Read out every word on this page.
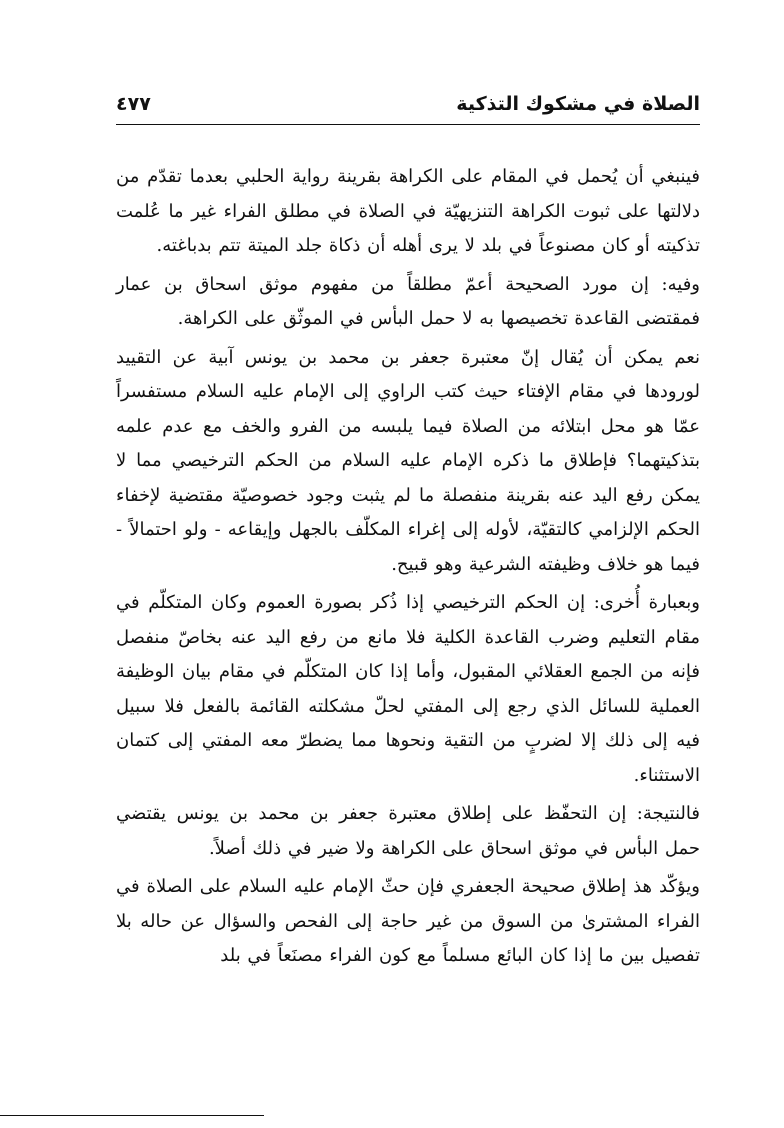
الصلاة في مشكوك التذكية
٤٧٧

فينبغي أن يُحمل في المقام على الكراهة بقرينة رواية الحلبي بعدما تقدّم من دلالتها على ثبوت الكراهة التنزيهيّة في الصلاة في مطلق الفراء غير ما عُلمت تذكيته أو كان مصنوعاً في بلد لا يرى أهله أن ذكاة جلد الميتة تتم بدباغته.

وفيه: إن مورد الصحيحة أعمّ مطلقاً من مفهوم موثق اسحاق بن عمار فمقتضى القاعدة تخصيصها به لا حمل البأس في الموثّق على الكراهة.

نعم يمكن أن يُقال إنّ معتبرة جعفر بن محمد بن يونس آبية عن التقييد لورودها في مقام الإفتاء حيث كتب الراوي إلى الإمام عليه السلام مستفسراً عمّا هو محل ابتلائه من الصلاة فيما يلبسه من الفرو والخف مع عدم علمه بتذكيتهما؟ فإطلاق ما ذكره الإمام عليه السلام من الحكم الترخيصي مما لا يمكن رفع اليد عنه بقرينة منفصلة ما لم يثبت وجود خصوصيّة مقتضية لإخفاء الحكم الإلزامي كالتقيّة، لأوله إلى إغراء المكلّف بالجهل وإيقاعه - ولو احتمالاً - فيما هو خلاف وظيفته الشرعية وهو قبيح.

وبعبارة أُخرى: إن الحكم الترخيصي إذا ذُكر بصورة العموم وكان المتكلّم في مقام التعليم وضرب القاعدة الكلية فلا مانع من رفع اليد عنه بخاصّ منفصل فإنه من الجمع العقلائي المقبول، وأما إذا كان المتكلّم في مقام بيان الوظيفة العملية للسائل الذي رجع إلى المفتي لحلّ مشكلته القائمة بالفعل فلا سبيل فيه إلى ذلك إلا لضربٍ من التقية ونحوها مما يضطرّ معه المفتي إلى كتمان الاستثناء.

فالنتيجة: إن التحفّظ على إطلاق معتبرة جعفر بن محمد بن يونس يقتضي حمل البأس في موثق اسحاق على الكراهة ولا ضير في ذلك أصلاً.

ويؤكّد هذ إطلاق صحيحة الجعفري فإن حثّ الإمام عليه السلام على الصلاة في الفراء المشترىٰ من السوق من غير حاجة إلى الفحص والسؤال عن حاله بلا تفصيل بين ما إذا كان البائع مسلماً مع كون الفراء مصنَعاً في بلد
